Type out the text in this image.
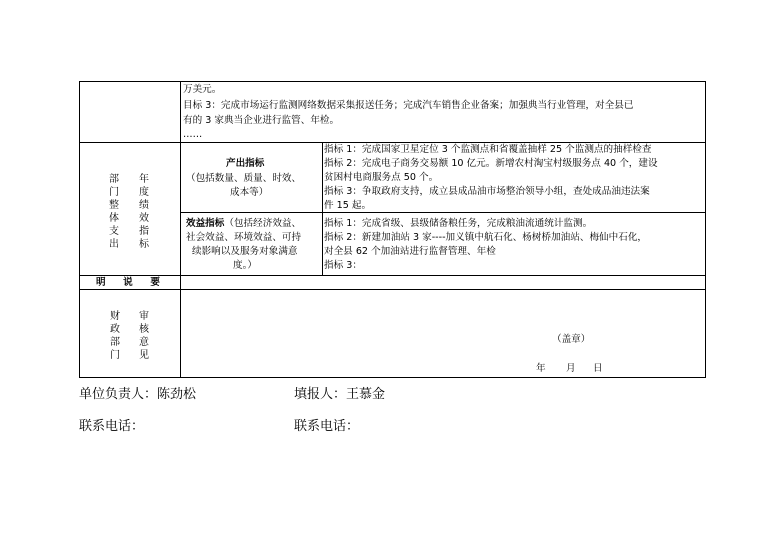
万美元。
目标 3：完成市场运行监测网络数据采集报送任务；完成汽车销售企业备案；加强典当行业管理，对全县已
有的 3 家典当企业进行监管、年检。
……
部
门
整
体
支
出
年
度
绩
效
指
标
产出指标
（包括数量、质量、时效、
成本等）
指标 1：完成国家卫星定位 3 个监测点和省覆盖抽样 25 个监测点的抽样检查
指标 2：完成电子商务交易额 10 亿元。新增农村淘宝村级服务点 40 个，建设
贫困村电商服务点 50 个。
指标 3：争取政府支持，成立县成品油市场整治领导小组，查处成品油违法案
件 15 起。
效益指标（包括经济效益、
社会效益、环境效益、可持
续影响以及服务对象满意
度。）
指标 1：完成省级、县级储备粮任务，完成粮油流通统计监测。
指标 2：新建加油站 3 家----加义镇中航石化、杨树桥加油站、梅仙中石化，
对全县 62 个加油站进行监督管理、年检
指标 3：
明　说　要
财
政
部
门
审
核
意
见
（盖章）
年 月 日
单位负责人：陈劲松	填报人：王慕金
联系电话：	联系电话：
